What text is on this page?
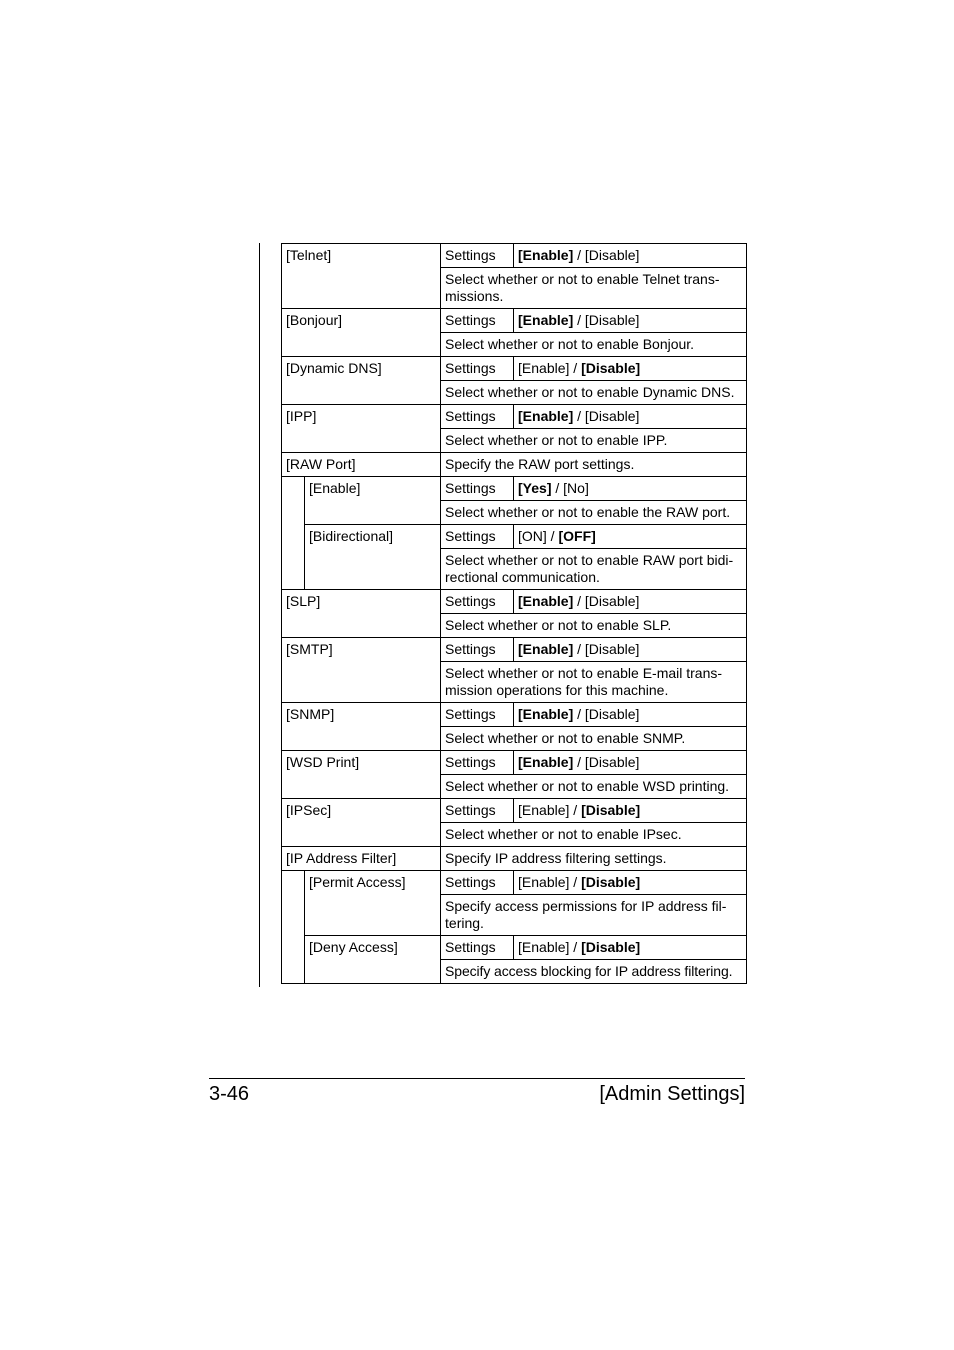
[Telnet]		Settings	[Enable] / [Disable]
		Select whether or not to enable Telnet trans-
missions.	
[Bonjour]		Settings	[Enable] / [Disable]
		Select whether or not to enable Bonjour.	
[Dynamic DNS]		Settings	[Enable] / [Disable]
		Select whether or not to enable Dynamic DNS.	
[IPP]		Settings	[Enable] / [Disable]
		Select whether or not to enable IPP.	
[RAW Port]		Specify the RAW port settings.	
	[Enable]	Settings	[Yes] / [No]
		Select whether or not to enable the RAW port.	
	[Bidirectional]	Settings	[ON] / [OFF]
		Select whether or not to enable RAW port bidi-
rectional communication.	
[SLP]		Settings	[Enable] / [Disable]
		Select whether or not to enable SLP.	
[SMTP]		Settings	[Enable] / [Disable]
		Select whether or not to enable E-mail trans-
mission operations for this machine.	
[SNMP]		Settings	[Enable] / [Disable]
		Select whether or not to enable SNMP.	
[WSD Print]		Settings	[Enable] / [Disable]
		Select whether or not to enable WSD printing.	
[IPSec]		Settings	[Enable] / [Disable]
		Select whether or not to enable IPsec.	
[IP Address Filter]		Specify IP address filtering settings.	
	[Permit Access]	Settings	[Enable] / [Disable]
		Specify access permissions for IP address fil-
tering.	
	[Deny Access]	Settings	[Enable] / [Disable]
		Specify access blocking for IP address filtering.	
3-46	[Admin Settings]
